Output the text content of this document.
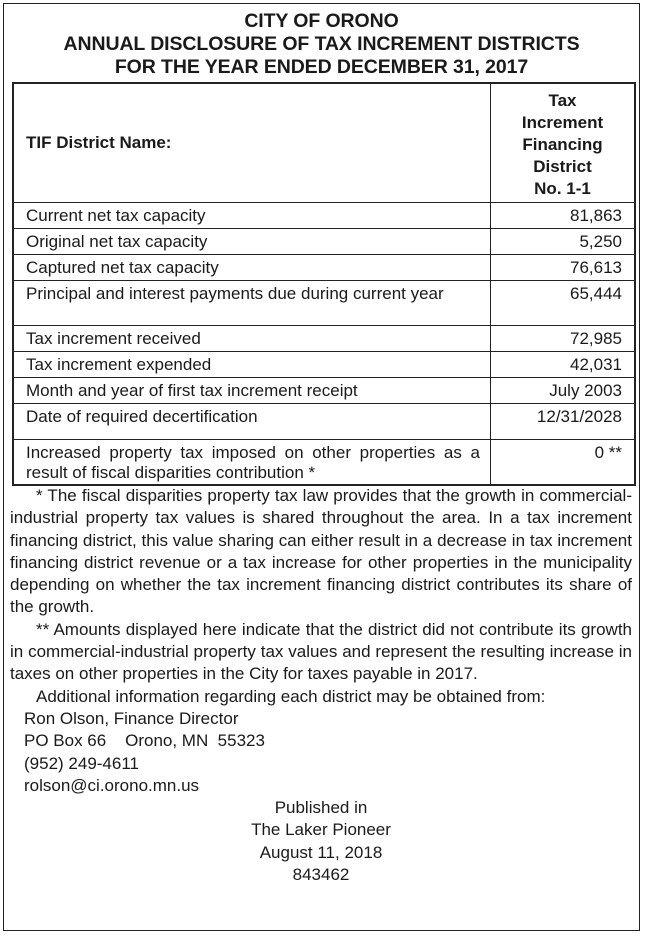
CITY OF ORONO
ANNUAL DISCLOSURE OF TAX INCREMENT DISTRICTS
FOR THE YEAR ENDED DECEMBER 31, 2017
TIF District Name:	Tax
Increment
Financing
District
No. 1-1

Current net tax capacity	81,863
Original net tax capacity	5,250
Captured net tax capacity	76,613
Principal and interest payments due during current year	65,444
Tax increment received	72,985
Tax increment expended	42,031
Month and year of first tax increment receipt	July 2003
Date of required decertification	12/31/2028
Increased property tax imposed on other properties as a result of fiscal disparities contribution *	0 **

* The fiscal disparities property tax law provides that the growth in commercial-industrial property tax values is shared throughout the area. In a tax increment financing district, this value sharing can either result in a decrease in tax increment financing district revenue or a tax increase for other properties in the municipality depending on whether the tax increment financing district contributes its share of the growth.

** Amounts displayed here indicate that the district did not contribute its growth in commercial-industrial property tax values and represent the resulting increase in taxes on other properties in the City for taxes payable in 2017.

Additional information regarding each district may be obtained from:

Ron Olson, Finance Director

PO Box 66    Orono, MN  55323

(952) 249-4611

rolson@ci.orono.mn.us

Published in

The Laker Pioneer

August 11, 2018

843462
